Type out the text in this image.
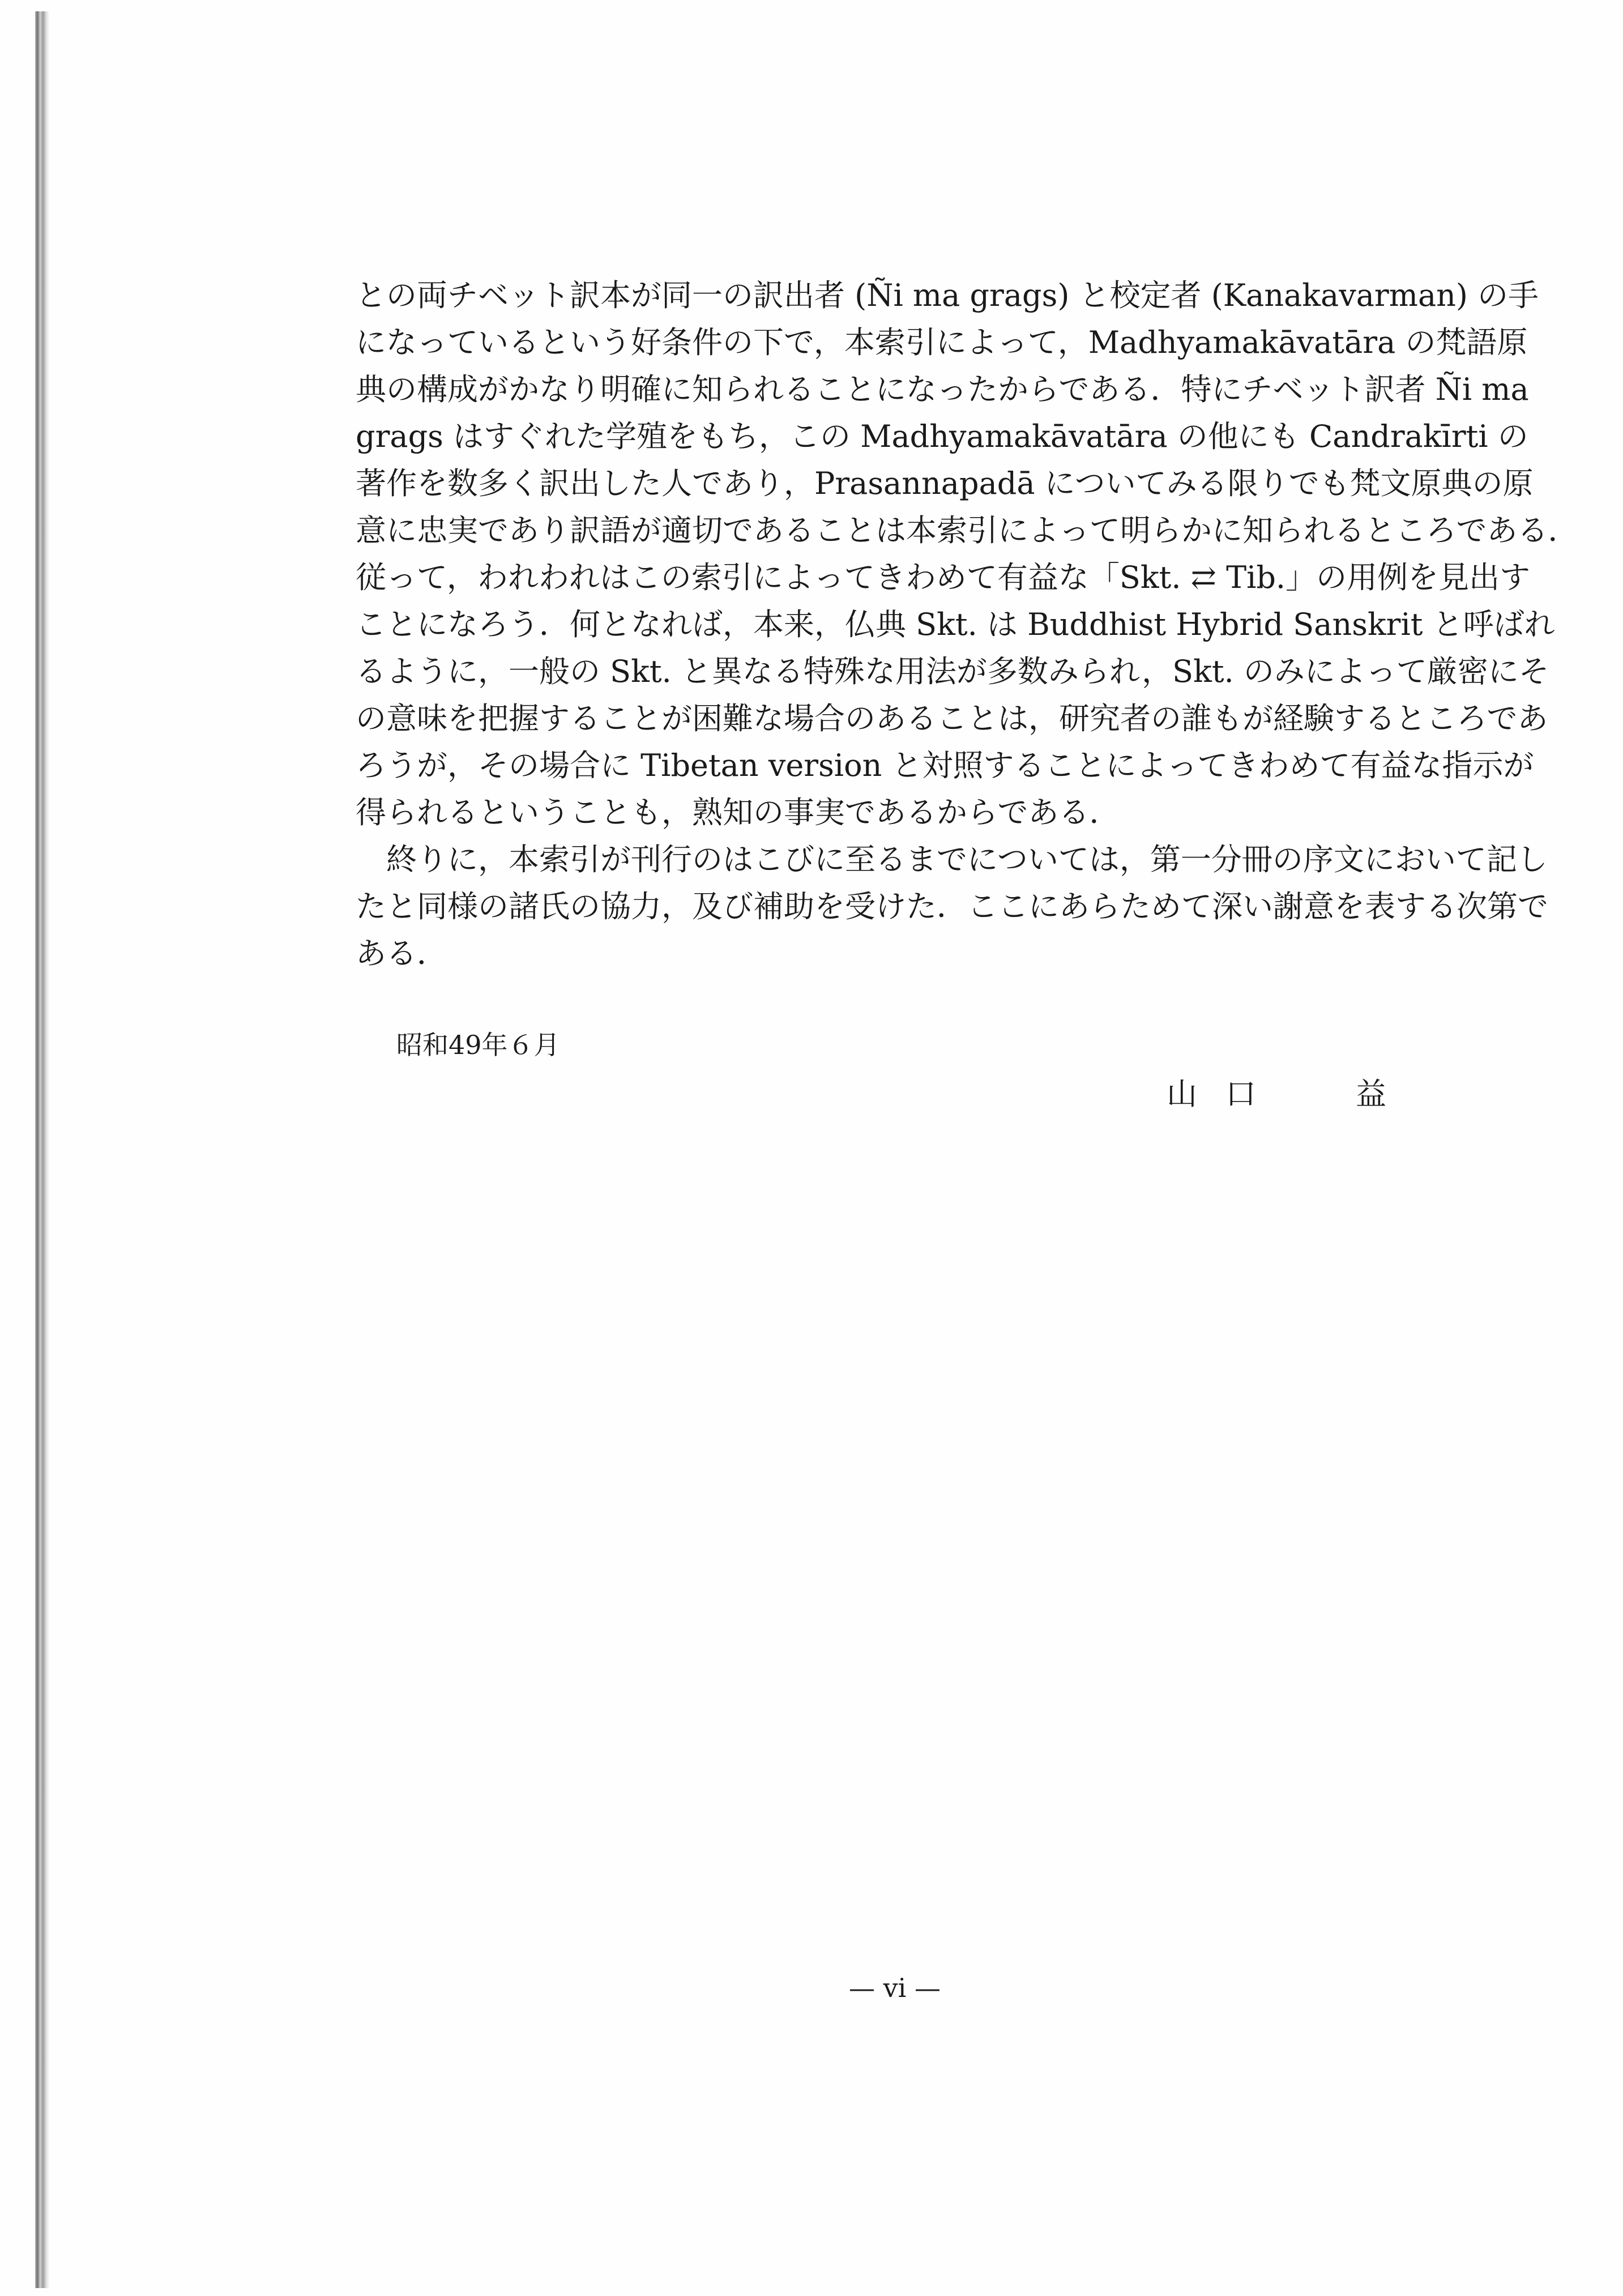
との両チベット訳本が同一の訳出者 (Ñi ma grags) と校定者 (Kanakavarman) の手
になっているという好条件の下で，本索引によって，Madhyamakāvatāra の梵語原
典の構成がかなり明確に知られることになったからである．特にチベット訳者 Ñi ma
grags はすぐれた学殖をもち，この Madhyamakāvatāra の他にも Candrakīrti の
著作を数多く訳出した人であり，Prasannapadā についてみる限りでも梵文原典の原
意に忠実であり訳語が適切であることは本索引によって明らかに知られるところである．
従って，われわれはこの索引によってきわめて有益な「Skt. ⇄ Tib.」の用例を見出す
ことになろう．何となれば，本来，仏典 Skt. は Buddhist Hybrid Sanskrit と呼ばれ
るように，一般の Skt. と異なる特殊な用法が多数みられ，Skt. のみによって厳密にそ
の意味を把握することが困難な場合のあることは，研究者の誰もが経験するところであ
ろうが，その場合に Tibetan version と対照することによってきわめて有益な指示が
得られるということも，熟知の事実であるからである．
終りに，本索引が刊行のはこびに至るまでについては，第一分冊の序文において記し
たと同様の諸氏の協力，及び補助を受けた．ここにあらためて深い謝意を表する次第で
ある．
昭和49年６月
山 口	益
— vi —
